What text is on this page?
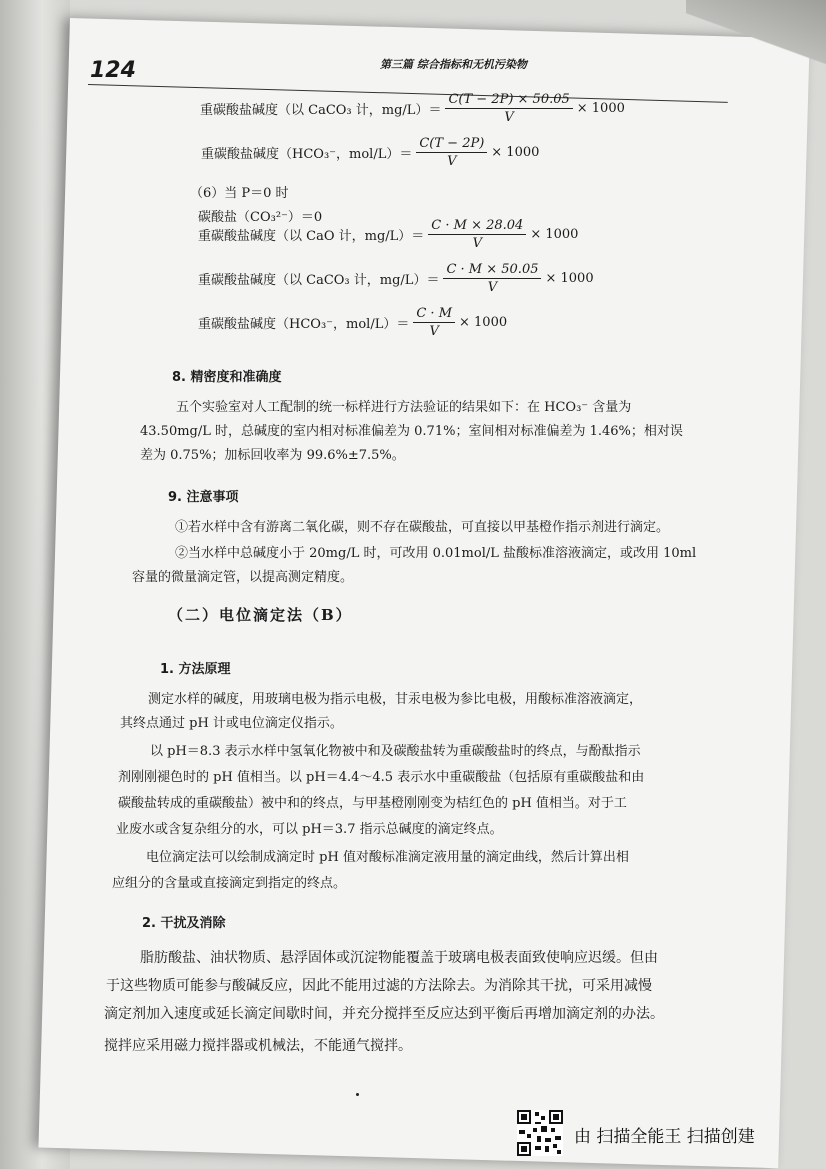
124	第三篇 综合指标和无机污染物
重碳酸盐碱度（以 CaCO₃ 计，$mg/L)= \frac{C(T - 2P) \times 50.05}{V} \times 1000$
重碳酸盐碱度（HCO₃⁻，$mol/L)= \frac{C(T - 2P)}{V} \times 1000$
（6）当 P＝0 时
碳酸盐（CO₃²⁻）＝0
重碳酸盐碱度（以 CaO 计，$mg/L)= \frac{C \cdot M \times 28.04}{V} \times 1000$
重碳酸盐碱度（以 CaCO₃ 计，$mg/L)= \frac{C \cdot M \times 50.05}{V} \times 1000$
重碳酸盐碱度（HCO₃⁻，$mol/L)= \frac{C \cdot M}{V} \times 1000$
8. 精密度和准确度
五个实验室对人工配制的统一标样进行方法验证的结果如下：在 HCO₃⁻ 含量为
43.50mg/L 时，总碱度的室内相对标准偏差为 0.71%；室间相对标准偏差为 1.46%；相对误
差为 0.75%；加标回收率为 99.6%±7.5%。
9. 注意事项
①若水样中含有游离二氧化碳，则不存在碳酸盐，可直接以甲基橙作指示剂进行滴定。
②当水样中总碱度小于 20mg/L 时，可改用 0.01mol/L 盐酸标准溶液滴定，或改用 10ml
容量的微量滴定管，以提高测定精度。
（二）电位滴定法（B）
1. 方法原理
测定水样的碱度，用玻璃电极为指示电极，甘汞电极为参比电极，用酸标准溶液滴定，
其终点通过 pH 计或电位滴定仪指示。
以 pH＝8.3 表示水样中氢氧化物被中和及碳酸盐转为重碳酸盐时的终点，与酚酞指示
剂刚刚褪色时的 pH 值相当。以 pH＝4.4～4.5 表示水中重碳酸盐（包括原有重碳酸盐和由
碳酸盐转成的重碳酸盐）被中和的终点，与甲基橙刚刚变为桔红色的 pH 值相当。对于工
业废水或含复杂组分的水，可以 pH＝3.7 指示总碱度的滴定终点。
电位滴定法可以绘制成滴定时 pH 值对酸标准滴定液用量的滴定曲线，然后计算出相
应组分的含量或直接滴定到指定的终点。
2. 干扰及消除
脂肪酸盐、油状物质、悬浮固体或沉淀物能覆盖于玻璃电极表面致使响应迟缓。但由
于这些物质可能参与酸碱反应，因此不能用过滤的方法除去。为消除其干扰，可采用减慢
滴定剂加入速度或延长滴定间歇时间，并充分搅拌至反应达到平衡后再增加滴定剂的办法。
搅拌应采用磁力搅拌器或机械法，不能通气搅拌。
由 扫描全能王 扫描创建
